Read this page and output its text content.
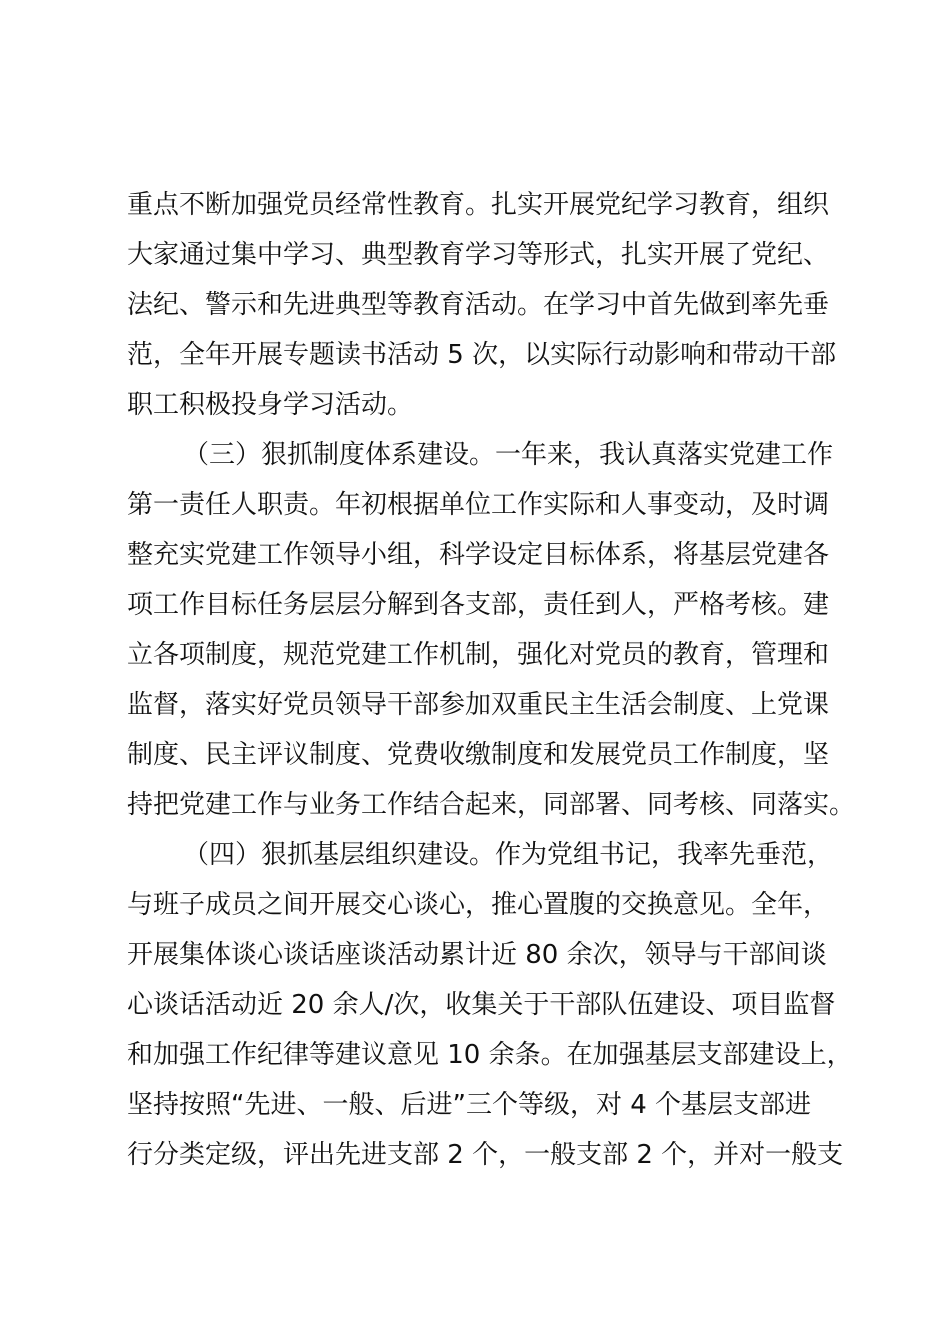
重点不断加强党员经常性教育。扎实开展党纪学习教育，组织
大家通过集中学习、典型教育学习等形式，扎实开展了党纪、
法纪、警示和先进典型等教育活动。在学习中首先做到率先垂
范，全年开展专题读书活动 5 次，以实际行动影响和带动干部
职工积极投身学习活动。
（三）狠抓制度体系建设。一年来，我认真落实党建工作
第一责任人职责。年初根据单位工作实际和人事变动，及时调
整充实党建工作领导小组，科学设定目标体系，将基层党建各
项工作目标任务层层分解到各支部，责任到人，严格考核。建
立各项制度，规范党建工作机制，强化对党员的教育，管理和
监督，落实好党员领导干部参加双重民主生活会制度、上党课
制度、民主评议制度、党费收缴制度和发展党员工作制度，坚
持把党建工作与业务工作结合起来，同部署、同考核、同落实。
（四）狠抓基层组织建设。作为党组书记，我率先垂范，
与班子成员之间开展交心谈心，推心置腹的交换意见。全年，
开展集体谈心谈话座谈活动累计近 80 余次，领导与干部间谈
心谈话活动近 20 余人/次，收集关于干部队伍建设、项目监督
和加强工作纪律等建议意见 10 余条。在加强基层支部建设上，
坚持按照“先进、一般、后进”三个等级，对 4 个基层支部进
行分类定级，评出先进支部 2 个，一般支部 2 个，并对一般支
